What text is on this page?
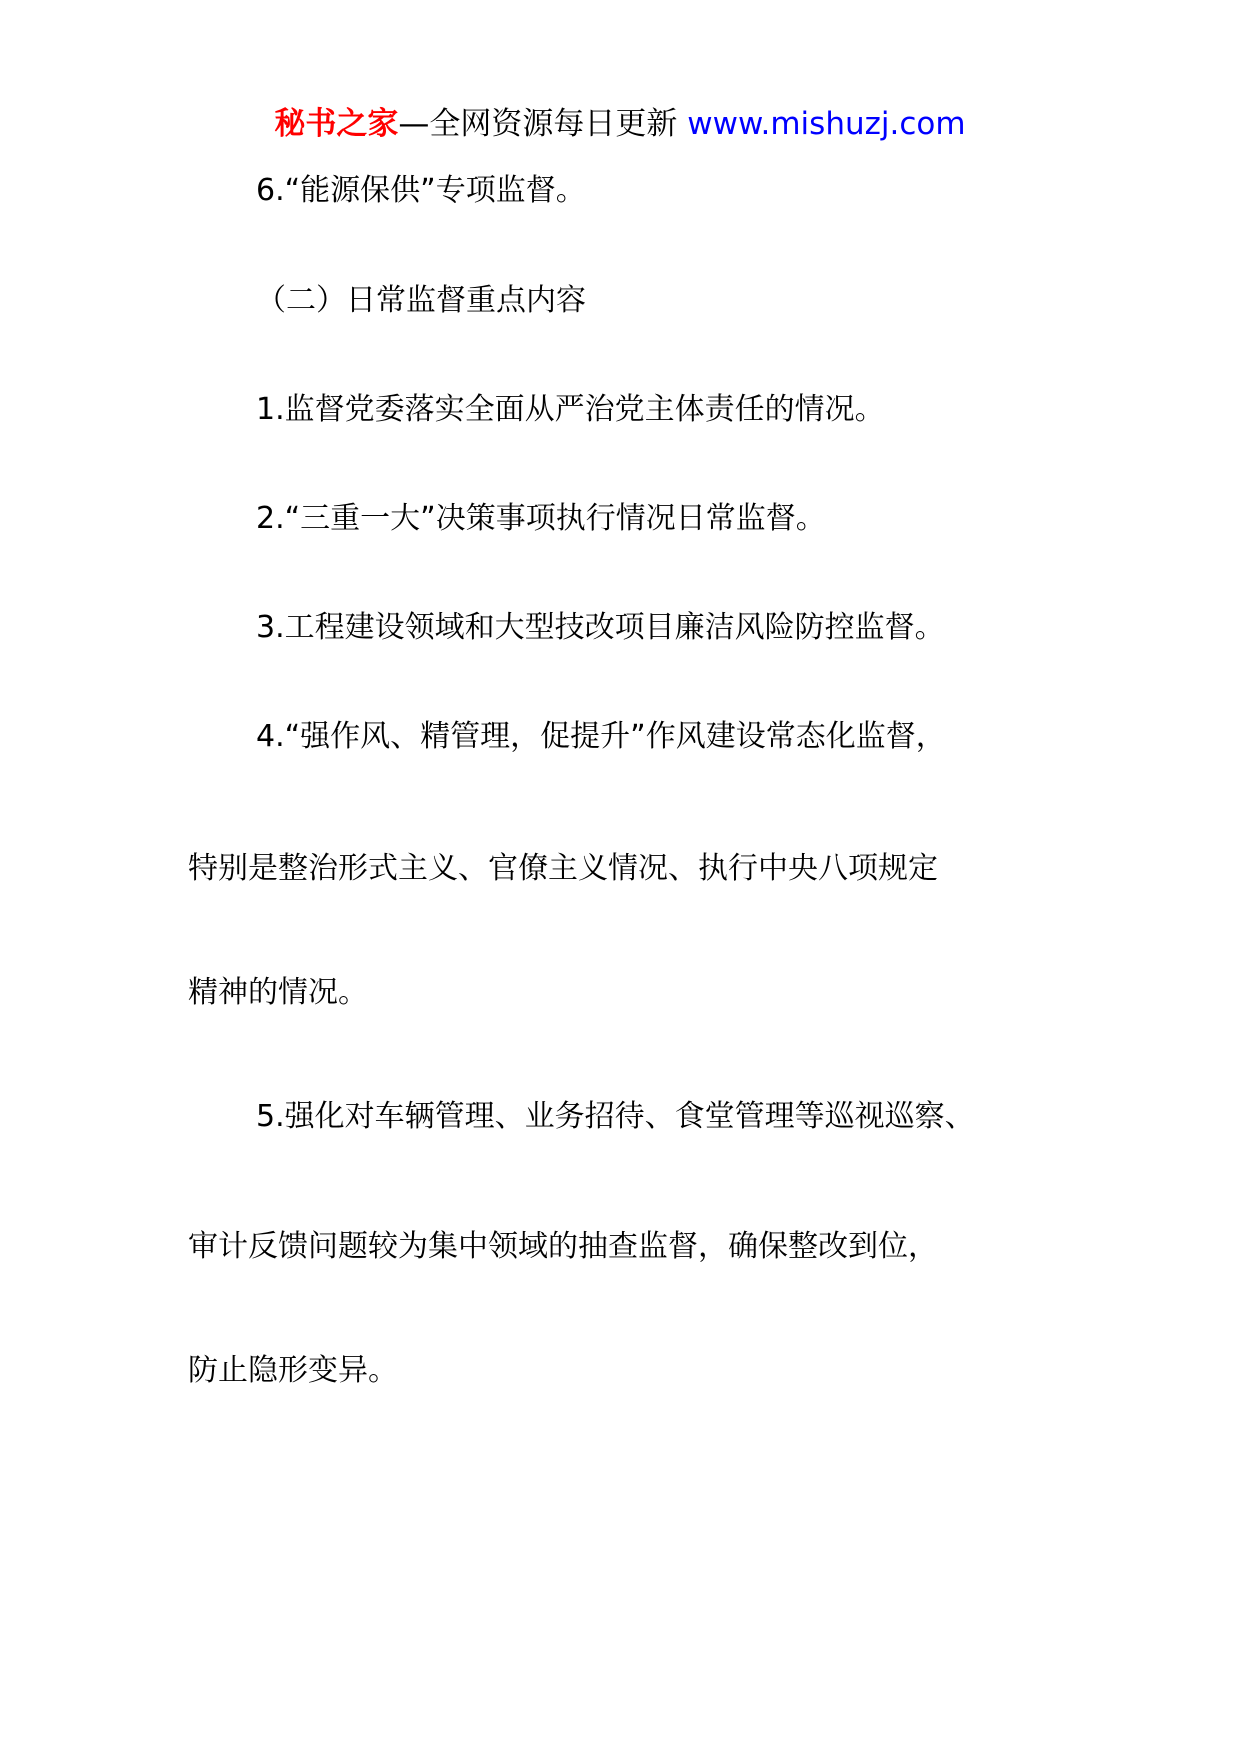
秘书之家—全网资源每日更新 www.mishuzj.com
6.“能源保供”专项监督。
（二）日常监督重点内容
1.监督党委落实全面从严治党主体责任的情况。
2.“三重一大”决策事项执行情况日常监督。
3.工程建设领域和大型技改项目廉洁风险防控监督。
4.“强作风、精管理，促提升”作风建设常态化监督，
特别是整治形式主义、官僚主义情况、执行中央八项规定
精神的情况。
5.强化对车辆管理、业务招待、食堂管理等巡视巡察、
审计反馈问题较为集中领域的抽查监督，确保整改到位，
防止隐形变异。
